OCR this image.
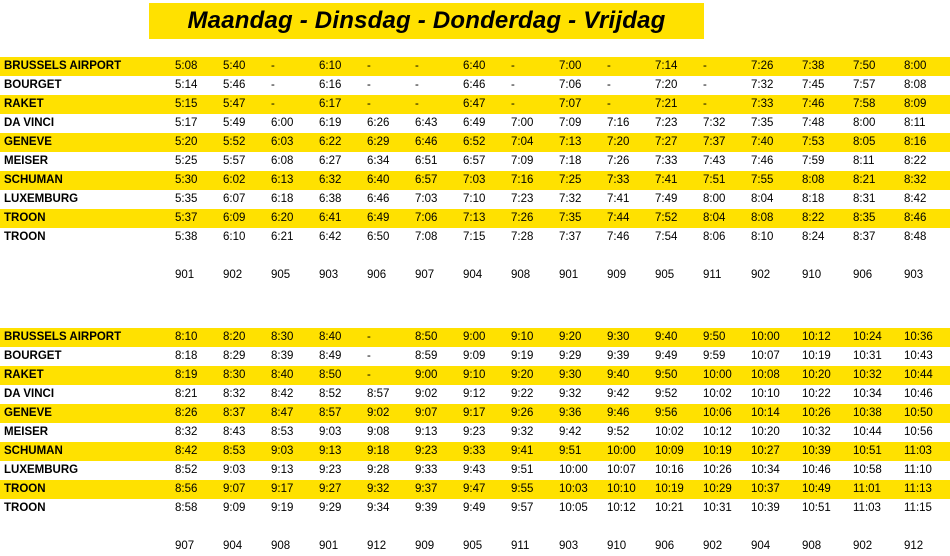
Maandag - Dinsdag - Donderdag - Vrijdag
BRUSSELS AIRPORT	5:08	5:40	-	6:10	-	-	6:40	-	7:00	-	7:14	-	7:26	7:38	7:50	8:00
BOURGET	5:14	5:46	-	6:16	-	-	6:46	-	7:06	-	7:20	-	7:32	7:45	7:57	8:08
RAKET	5:15	5:47	-	6:17	-	-	6:47	-	7:07	-	7:21	-	7:33	7:46	7:58	8:09
DA VINCI	5:17	5:49	6:00	6:19	6:26	6:43	6:49	7:00	7:09	7:16	7:23	7:32	7:35	7:48	8:00	8:11
GENEVE	5:20	5:52	6:03	6:22	6:29	6:46	6:52	7:04	7:13	7:20	7:27	7:37	7:40	7:53	8:05	8:16
MEISER	5:25	5:57	6:08	6:27	6:34	6:51	6:57	7:09	7:18	7:26	7:33	7:43	7:46	7:59	8:11	8:22
SCHUMAN	5:30	6:02	6:13	6:32	6:40	6:57	7:03	7:16	7:25	7:33	7:41	7:51	7:55	8:08	8:21	8:32
LUXEMBURG	5:35	6:07	6:18	6:38	6:46	7:03	7:10	7:23	7:32	7:41	7:49	8:00	8:04	8:18	8:31	8:42
TROON	5:37	6:09	6:20	6:41	6:49	7:06	7:13	7:26	7:35	7:44	7:52	8:04	8:08	8:22	8:35	8:46
TROON	5:38	6:10	6:21	6:42	6:50	7:08	7:15	7:28	7:37	7:46	7:54	8:06	8:10	8:24	8:37	8:48

	901	902	905	903	906	907	904	908	901	909	905	911	902	910	906	903
BRUSSELS AIRPORT	8:10	8:20	8:30	8:40	-	8:50	9:00	9:10	9:20	9:30	9:40	9:50	10:00	10:12	10:24	10:36
BOURGET	8:18	8:29	8:39	8:49	-	8:59	9:09	9:19	9:29	9:39	9:49	9:59	10:07	10:19	10:31	10:43
RAKET	8:19	8:30	8:40	8:50	-	9:00	9:10	9:20	9:30	9:40	9:50	10:00	10:08	10:20	10:32	10:44
DA VINCI	8:21	8:32	8:42	8:52	8:57	9:02	9:12	9:22	9:32	9:42	9:52	10:02	10:10	10:22	10:34	10:46
GENEVE	8:26	8:37	8:47	8:57	9:02	9:07	9:17	9:26	9:36	9:46	9:56	10:06	10:14	10:26	10:38	10:50
MEISER	8:32	8:43	8:53	9:03	9:08	9:13	9:23	9:32	9:42	9:52	10:02	10:12	10:20	10:32	10:44	10:56
SCHUMAN	8:42	8:53	9:03	9:13	9:18	9:23	9:33	9:41	9:51	10:00	10:09	10:19	10:27	10:39	10:51	11:03
LUXEMBURG	8:52	9:03	9:13	9:23	9:28	9:33	9:43	9:51	10:00	10:07	10:16	10:26	10:34	10:46	10:58	11:10
TROON	8:56	9:07	9:17	9:27	9:32	9:37	9:47	9:55	10:03	10:10	10:19	10:29	10:37	10:49	11:01	11:13
TROON	8:58	9:09	9:19	9:29	9:34	9:39	9:49	9:57	10:05	10:12	10:21	10:31	10:39	10:51	11:03	11:15

	907	904	908	901	912	909	905	911	903	910	906	902	904	908	902	912
